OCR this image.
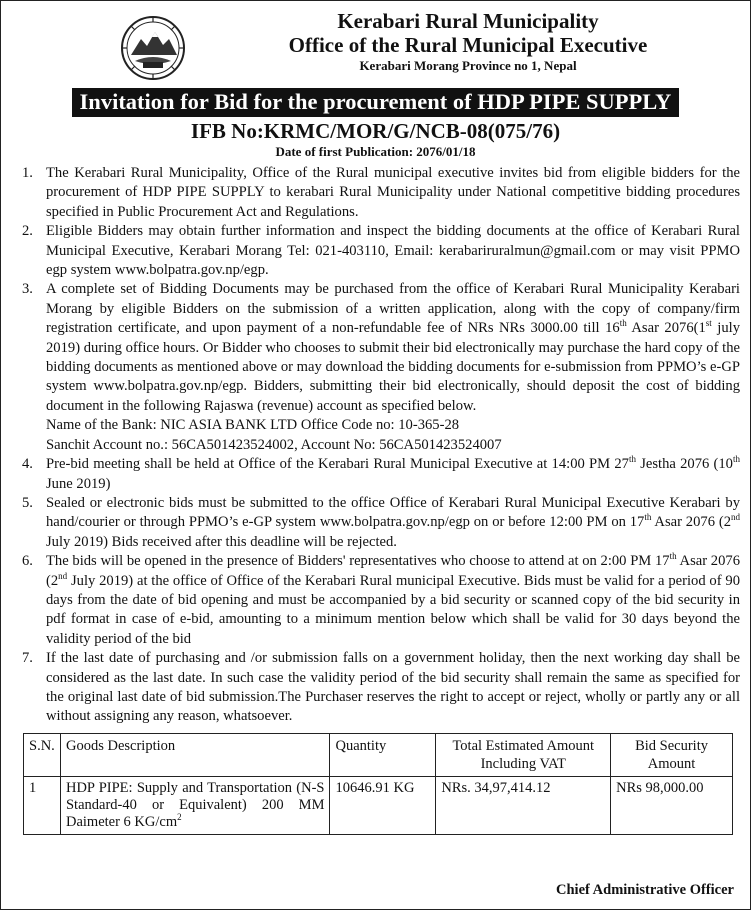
Kerabari Rural Municipality
Office of the Rural Municipal Executive
Kerabari Morang Province no 1, Nepal
Invitation for Bid for the procurement of HDP PIPE SUPPLY
IFB No:KRMC/MOR/G/NCB-08(075/76)
Date of first Publication: 2076/01/18
1. The Kerabari Rural Municipality, Office of the Rural municipal executive invites bid from eligible bidders for the procurement of HDP PIPE SUPPLY to kerabari Rural Municipality under National competitive bidding procedures specified in Public Procurement Act and Regulations.
2. Eligible Bidders may obtain further information and inspect the bidding documents at the office of Kerabari Rural Municipal Executive, Kerabari Morang Tel: 021-403110, Email: kerabariruralmun@gmail.com or may visit PPMO egp system www.bolpatra.gov.np/egp.
3. A complete set of Bidding Documents may be purchased from the office of Kerabari Rural Municipality Kerabari Morang by eligible Bidders on the submission of a written application, along with the copy of company/firm registration certificate, and upon payment of a non-refundable fee of NRs NRs 3000.00 till 16th Asar 2076(1st july 2019) during office hours. Or Bidder who chooses to submit their bid electronically may purchase the hard copy of the bidding documents as mentioned above or may download the bidding documents for e-submission from PPMO’s e-GP system www.bolpatra.gov.np/egp. Bidders, submitting their bid electronically, should deposit the cost of bidding document in the following Rajaswa (revenue) account as specified below.
Name of the Bank: NIC ASIA BANK LTD Office Code no: 10-365-28
Sanchit Account no.: 56CA501423524002, Account No: 56CA501423524007
4. Pre-bid meeting shall be held at Office of the Kerabari Rural Municipal Executive at 14:00 PM 27th Jestha 2076 (10th June 2019)
5. Sealed or electronic bids must be submitted to the office Office of Kerabari Rural Municipal Executive Kerabari by hand/courier or through PPMO’s e-GP system www.bolpatra.gov.np/egp on or before 12:00 PM on 17th Asar 2076 (2nd July 2019) Bids received after this deadline will be rejected.
6. The bids will be opened in the presence of Bidders' representatives who choose to attend at on 2:00 PM 17th Asar 2076 (2nd July 2019) at the office of Office of the Kerabari Rural municipal Executive. Bids must be valid for a period of 90 days from the date of bid opening and must be accompanied by a bid security or scanned copy of the bid security in pdf format in case of e-bid, amounting to a minimum mention below which shall be valid for 30 days beyond the validity period of the bid
7. If the last date of purchasing and /or submission falls on a government holiday, then the next working day shall be considered as the last date. In such case the validity period of the bid security shall remain the same as specified for the original last date of bid submission.The Purchaser reserves the right to accept or reject, wholly or partly any or all without assigning any reason, whatsoever.
S.N.	Goods Description	Quantity	Total Estimated Amount Including VAT	Bid Security Amount
1	HDP PIPE: Supply and Transportation (N-S Standard-40 or Equivalent) 200 MM Daimeter 6 $KG/cm^2$	10646.91 KG	NRs. 34,97,414.12	NRs 98,000.00
Chief Administrative Officer
